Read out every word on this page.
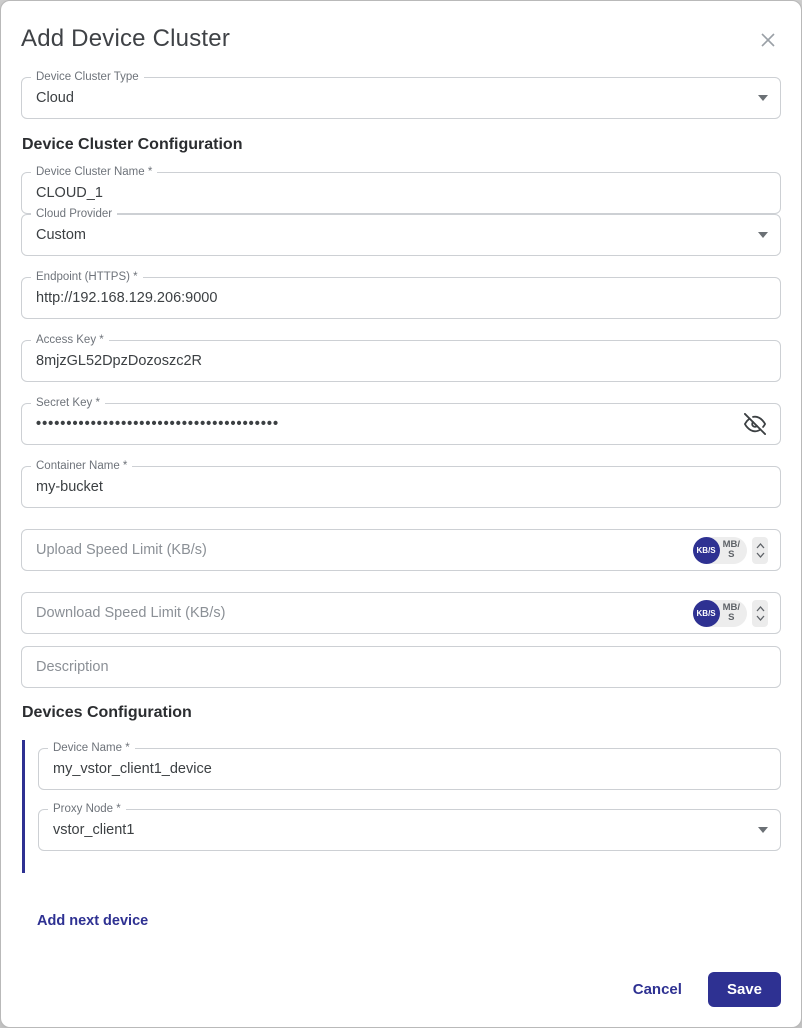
Add Device Cluster
Device Cluster Type
Cloud
Device Cluster Configuration
Device Cluster Name *
CLOUD_1
Cloud Provider
Custom
Endpoint (HTTPS) *
http://192.168.129.206:9000
Access Key *
8mjzGL52DpzDozoszc2R
Secret Key *
••••••••••••••••••••••••••••••••••••••••
Container Name *
my-bucket
Upload Speed Limit (KB/s)
KB/S MB/
S
Download Speed Limit (KB/s)
KB/S MB/
S
Description
Devices Configuration
Device Name *
my_vstor_client1_device
Proxy Node *
vstor_client1
Add next device
Cancel	Save
